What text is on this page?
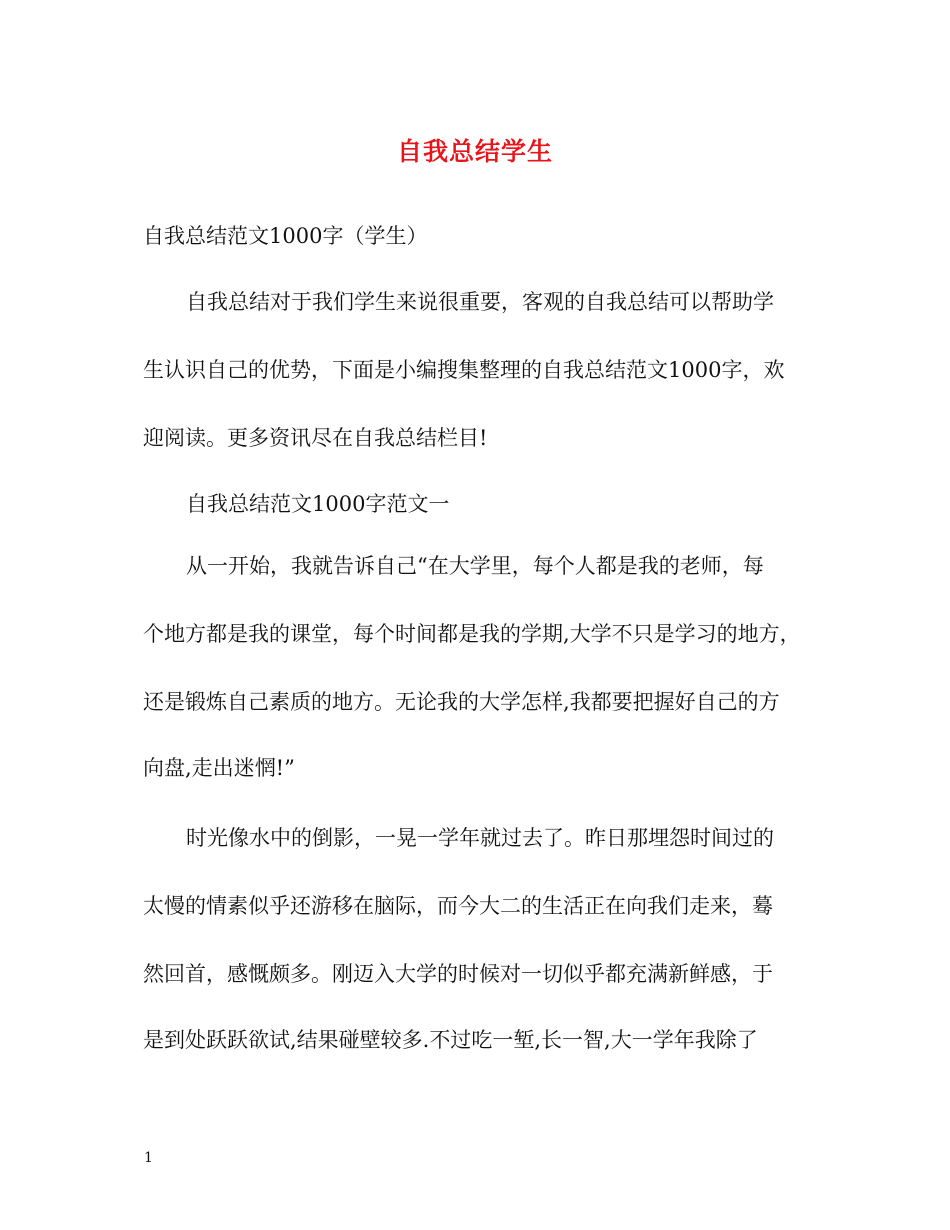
自我总结学生
自我总结范文1000字（学生）
自我总结对于我们学生来说很重要，客观的自我总结可以帮助学
生认识自己的优势，下面是小编搜集整理的自我总结范文1000字，欢
迎阅读。更多资讯尽在自我总结栏目!
自我总结范文1000字范文一
从一开始，我就告诉自己“在大学里，每个人都是我的老师，每
个地方都是我的课堂，每个时间都是我的学期,大学不只是学习的地方，
还是锻炼自己素质的地方。无论我的大学怎样,我都要把握好自己的方
向盘,走出迷惘!”
时光像水中的倒影，一晃一学年就过去了。昨日那埋怨时间过的
太慢的情素似乎还游移在脑际，而今大二的生活正在向我们走来，蓦
然回首，感慨颇多。刚迈入大学的时候对一切似乎都充满新鲜感，于
是到处跃跃欲试,结果碰壁较多.不过吃一堑,长一智,大一学年我除了
1
